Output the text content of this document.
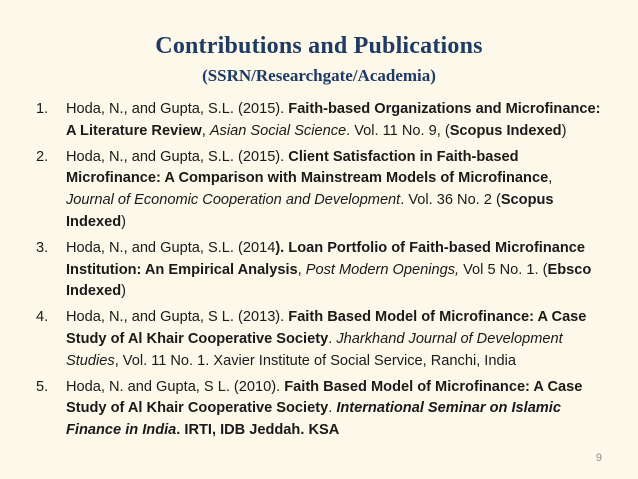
Contributions and Publications
(SSRN/Researchgate/Academia)
1. Hoda, N., and Gupta, S.L. (2015). Faith-based Organizations and Microfinance: A Literature Review, Asian Social Science. Vol. 11 No. 9, (Scopus Indexed)
2. Hoda, N., and Gupta, S.L. (2015). Client Satisfaction in Faith-based Microfinance: A Comparison with Mainstream Models of Microfinance, Journal of Economic Cooperation and Development. Vol. 36 No. 2 (Scopus Indexed)
3. Hoda, N., and Gupta, S.L. (2014). Loan Portfolio of Faith-based Microfinance Institution: An Empirical Analysis, Post Modern Openings, Vol 5 No. 1. (Ebsco Indexed)
4. Hoda, N., and Gupta, S L. (2013). Faith Based Model of Microfinance: A Case Study of Al Khair Cooperative Society. Jharkhand Journal of Development Studies, Vol. 11 No. 1. Xavier Institute of Social Service, Ranchi, India
5. Hoda, N. and Gupta, S L. (2010). Faith Based Model of Microfinance: A Case Study of Al Khair Cooperative Society. International Seminar on Islamic Finance in India. IRTI, IDB Jeddah. KSA
9
